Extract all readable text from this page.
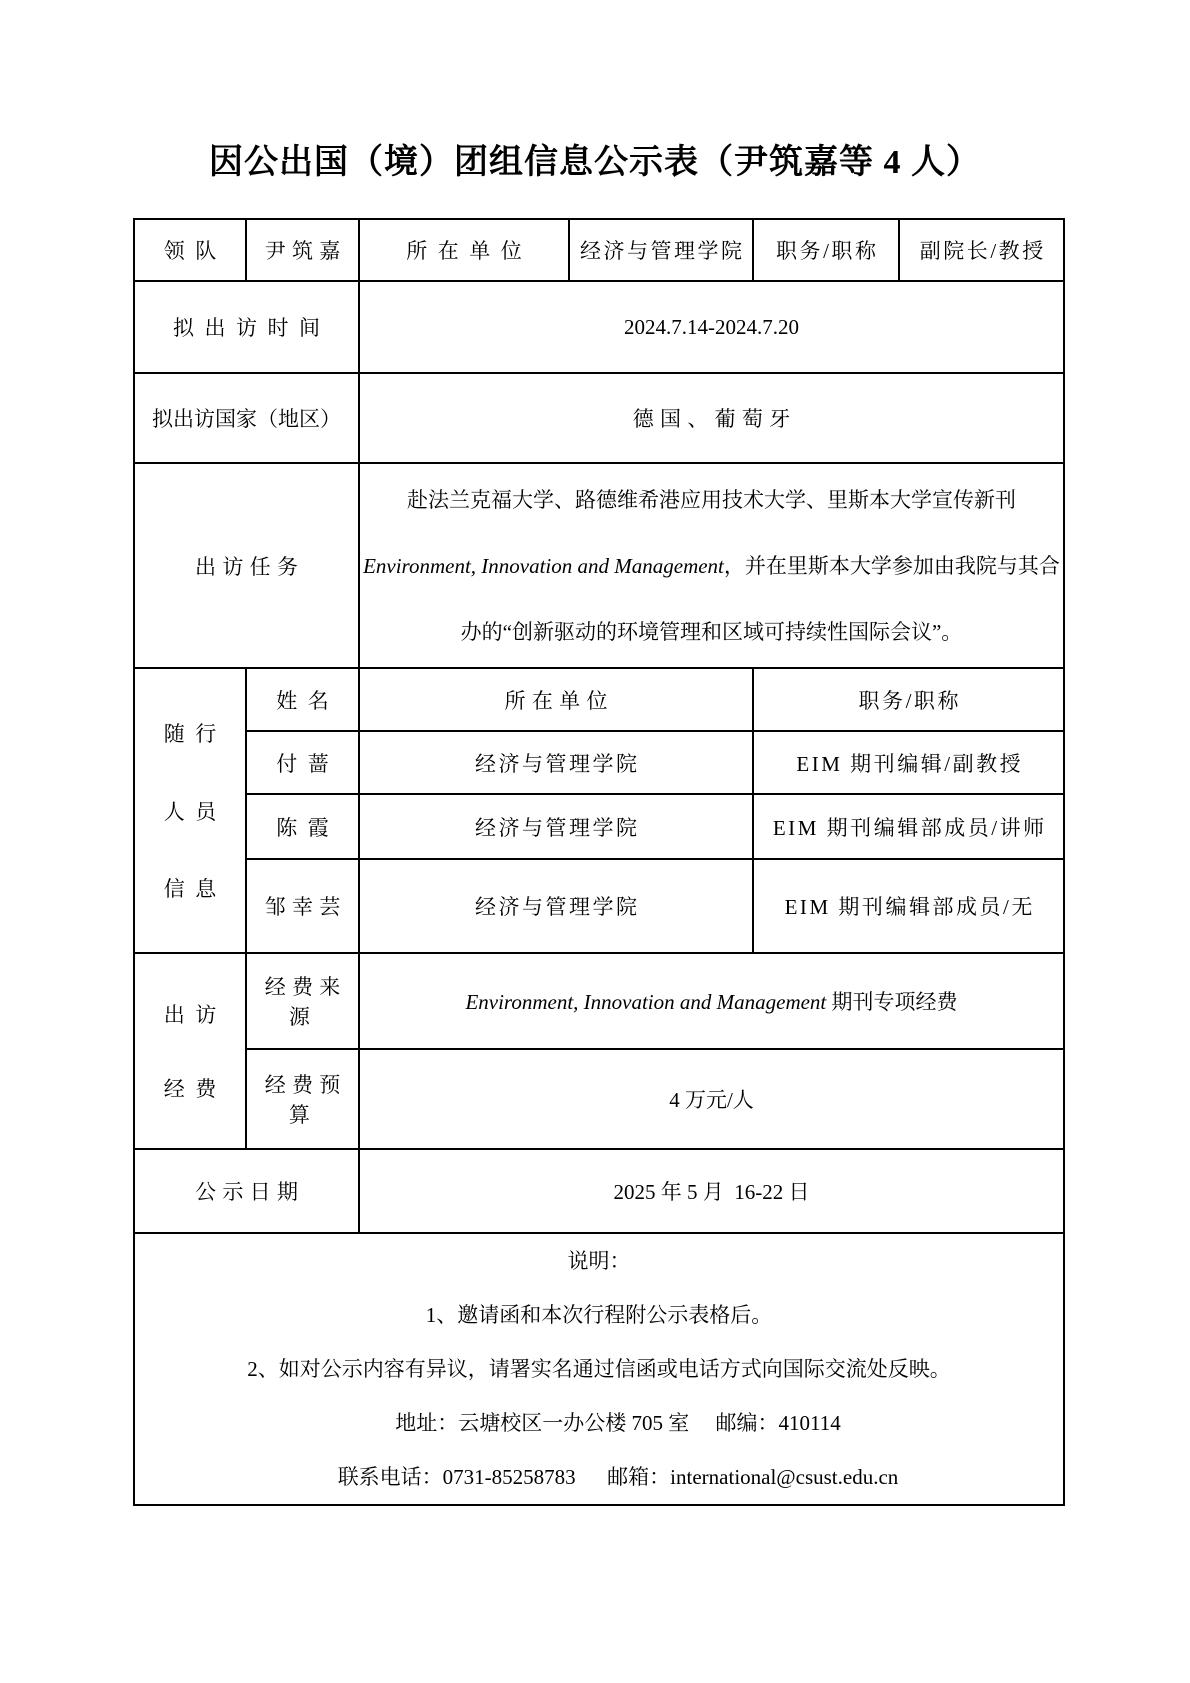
因公出国（境）团组信息公示表（尹筑嘉等 4 人）
领队	尹筑嘉	所在单位	经济与管理学院	职务/职称	副院长/教授
拟出访时间		2024.7.14-2024.7.20			
拟出访国家（地区）		德国、葡萄牙			
出访任务		赴法兰克福大学、路德维希港应用技术大学、里斯本大学宣传新刊Environment, Innovation and Management，并在里斯本大学参加由我院与其合办的“创新驱动的环境管理和区域可持续性国际会议”。			

随行
人员
信息	姓名	所在单位		职务/职称	
	付蔷	经济与管理学院		EIM 期刊编辑/副教授	
	陈霞	经济与管理学院		EIM 期刊编辑部成员/讲师	
	邹幸芸	经济与管理学院		EIM 期刊编辑部成员/无	

出访
经费	经费来源	Environment, Innovation and Management 期刊专项经费			
	经费预算	4 万元/人			
公示日期		2025 年 5 月  16-22 日			

说明：
1、邀请函和本次行程附公示表格后。
2、如对公示内容有异议，请署实名通过信函或电话方式向国际交流处反映。
地址：云塘校区一办公楼 705 室　 邮编：410114
联系电话：0731-85258783 　 邮箱：international@csust.edu.cn					
